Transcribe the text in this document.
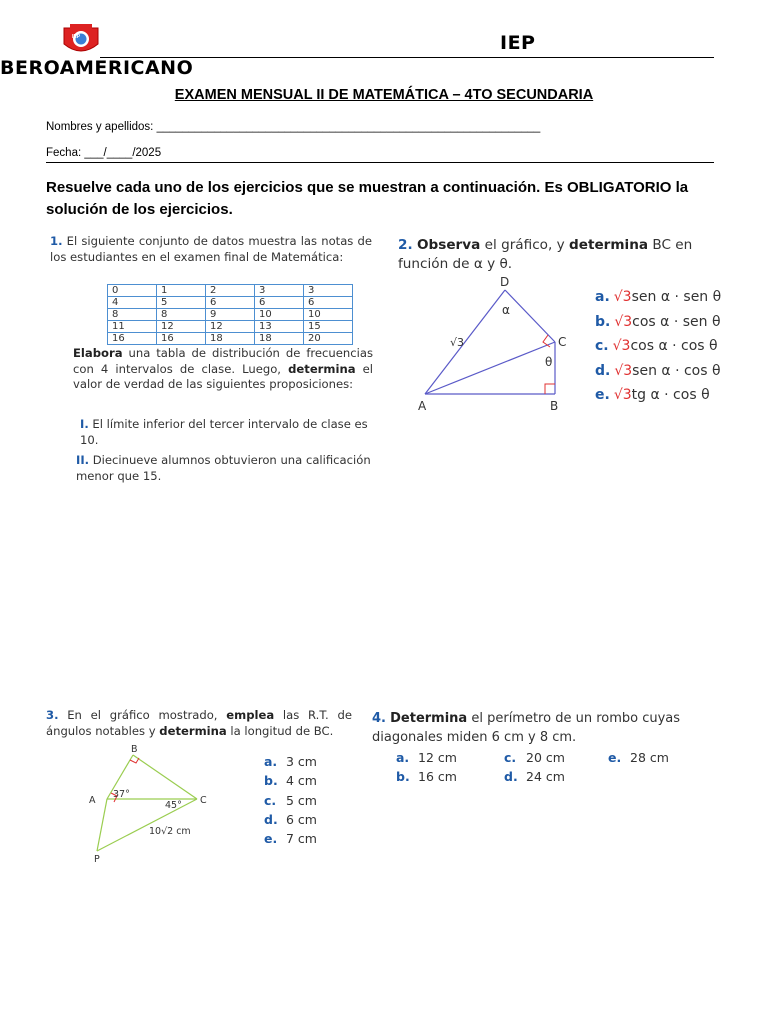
IEP	IEP
BEROAMERICANO
EXAMEN MENSUAL II DE MATEMÁTICA – 4TO SECUNDARIA
Nombres y apellidos: ____________________________________________________________
Fecha: ___/____/2025
Resuelve cada uno de los ejercicios que se muestran a continuación. Es OBLIGATORIO la solución de los ejercicios.
1. El siguiente conjunto de datos muestra las notas de los estudiantes en el examen final de Matemática:
0	1	2	3	3
4	5	6	6	6
8	8	9	10	10
11	12	12	13	15
16	16	18	18	20
Elabora una tabla de distribución de frecuencias con 4 intervalos de clase. Luego, determina el valor de verdad de las siguientes proposiciones:
I. El límite inferior del tercer intervalo de clase es 10.
II. Diecinueve alumnos obtuvieron una calificación menor que 15.
2. Observa el gráfico, y determina BC en función de α y θ.
D
C
A	B
α
θ
√3
a. √3sen α · sen θ
b. √3cos α · sen θ
c. √3cos α · cos θ
d. √3sen α · cos θ
e. √3tg α · cos θ
3. En el gráfico mostrado, emplea las R.T. de ángulos notables y determina la longitud de BC.
B
A	C
P
37°
45°
10√2 cm
a. 3 cm
b. 4 cm
c. 5 cm
d. 6 cm
e. 7 cm
4. Determina el perímetro de un rombo cuyas diagonales miden 6 cm y 8 cm.
a. 12 cm
b. 16 cm
c. 20 cm
d. 24 cm
e. 28 cm
